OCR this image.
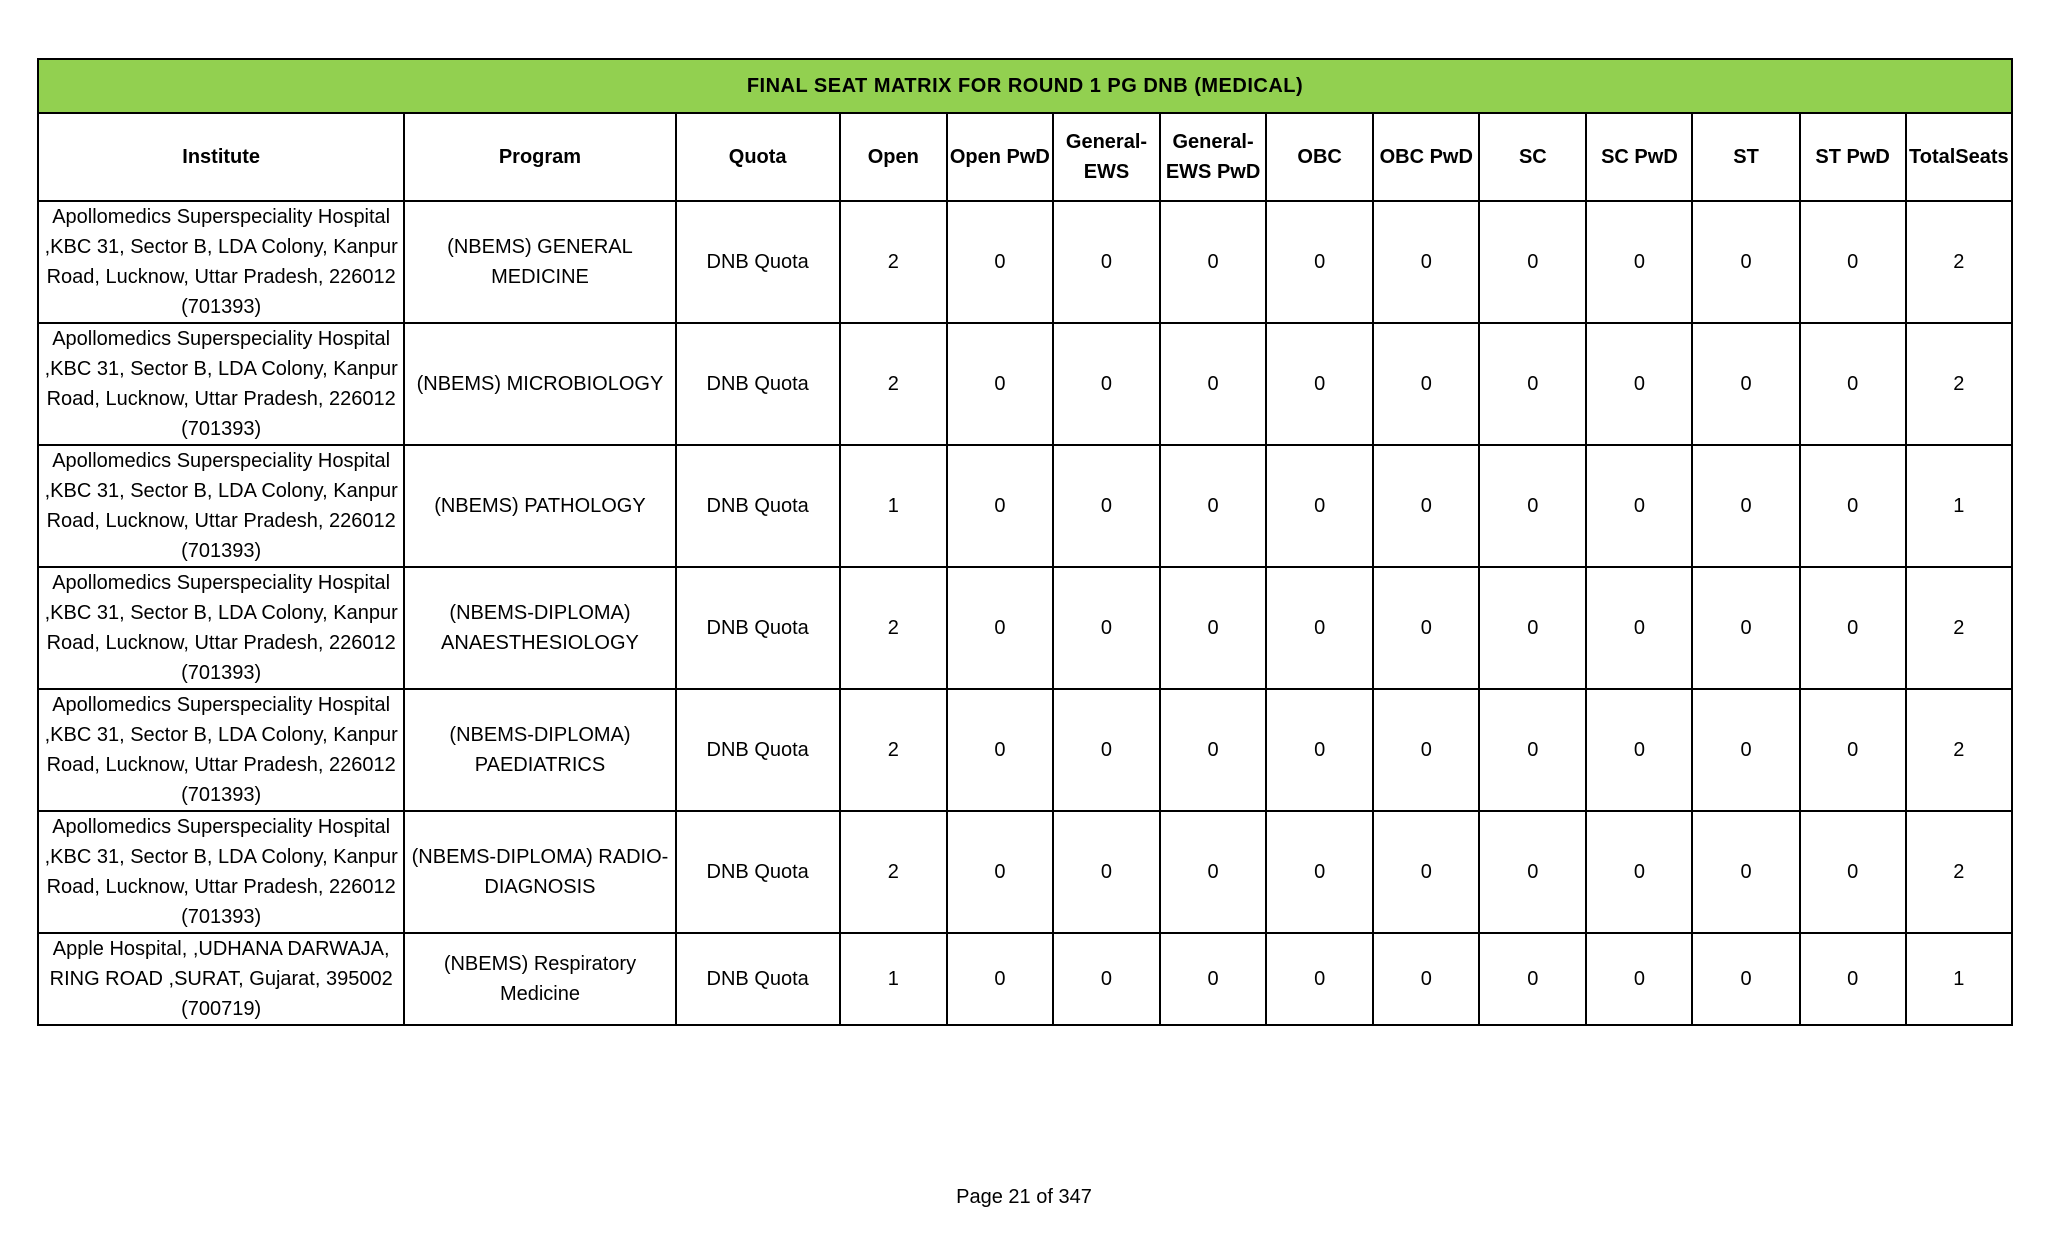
FINAL SEAT MATRIX FOR ROUND 1 PG DNB (MEDICAL)													
Institute	Program	Quota	Open	Open PwD	General-EWS	General-EWS PwD	OBC	OBC PwD	SC	SC PwD	ST	ST PwD	TotalSeats
Apollomedics Superspeciality Hospital ,KBC 31, Sector B, LDA Colony, Kanpur Road, Lucknow, Uttar Pradesh, 226012 (701393)	(NBEMS) GENERAL MEDICINE	DNB Quota	2	0	0	0	0	0	0	0	0	0	2
Apollomedics Superspeciality Hospital ,KBC 31, Sector B, LDA Colony, Kanpur Road, Lucknow, Uttar Pradesh, 226012 (701393)	(NBEMS) MICROBIOLOGY	DNB Quota	2	0	0	0	0	0	0	0	0	0	2
Apollomedics Superspeciality Hospital ,KBC 31, Sector B, LDA Colony, Kanpur Road, Lucknow, Uttar Pradesh, 226012 (701393)	(NBEMS) PATHOLOGY	DNB Quota	1	0	0	0	0	0	0	0	0	0	1
Apollomedics Superspeciality Hospital ,KBC 31, Sector B, LDA Colony, Kanpur Road, Lucknow, Uttar Pradesh, 226012 (701393)	(NBEMS-DIPLOMA) ANAESTHESIOLOGY	DNB Quota	2	0	0	0	0	0	0	0	0	0	2
Apollomedics Superspeciality Hospital ,KBC 31, Sector B, LDA Colony, Kanpur Road, Lucknow, Uttar Pradesh, 226012 (701393)	(NBEMS-DIPLOMA) PAEDIATRICS	DNB Quota	2	0	0	0	0	0	0	0	0	0	2
Apollomedics Superspeciality Hospital ,KBC 31, Sector B, LDA Colony, Kanpur Road, Lucknow, Uttar Pradesh, 226012 (701393)	(NBEMS-DIPLOMA) RADIO-DIAGNOSIS	DNB Quota	2	0	0	0	0	0	0	0	0	0	2
Apple Hospital, ,UDHANA DARWAJA, RING ROAD ,SURAT, Gujarat, 395002 (700719)	(NBEMS) Respiratory Medicine	DNB Quota	1	0	0	0	0	0	0	0	0	0	1
Page 21 of 347
